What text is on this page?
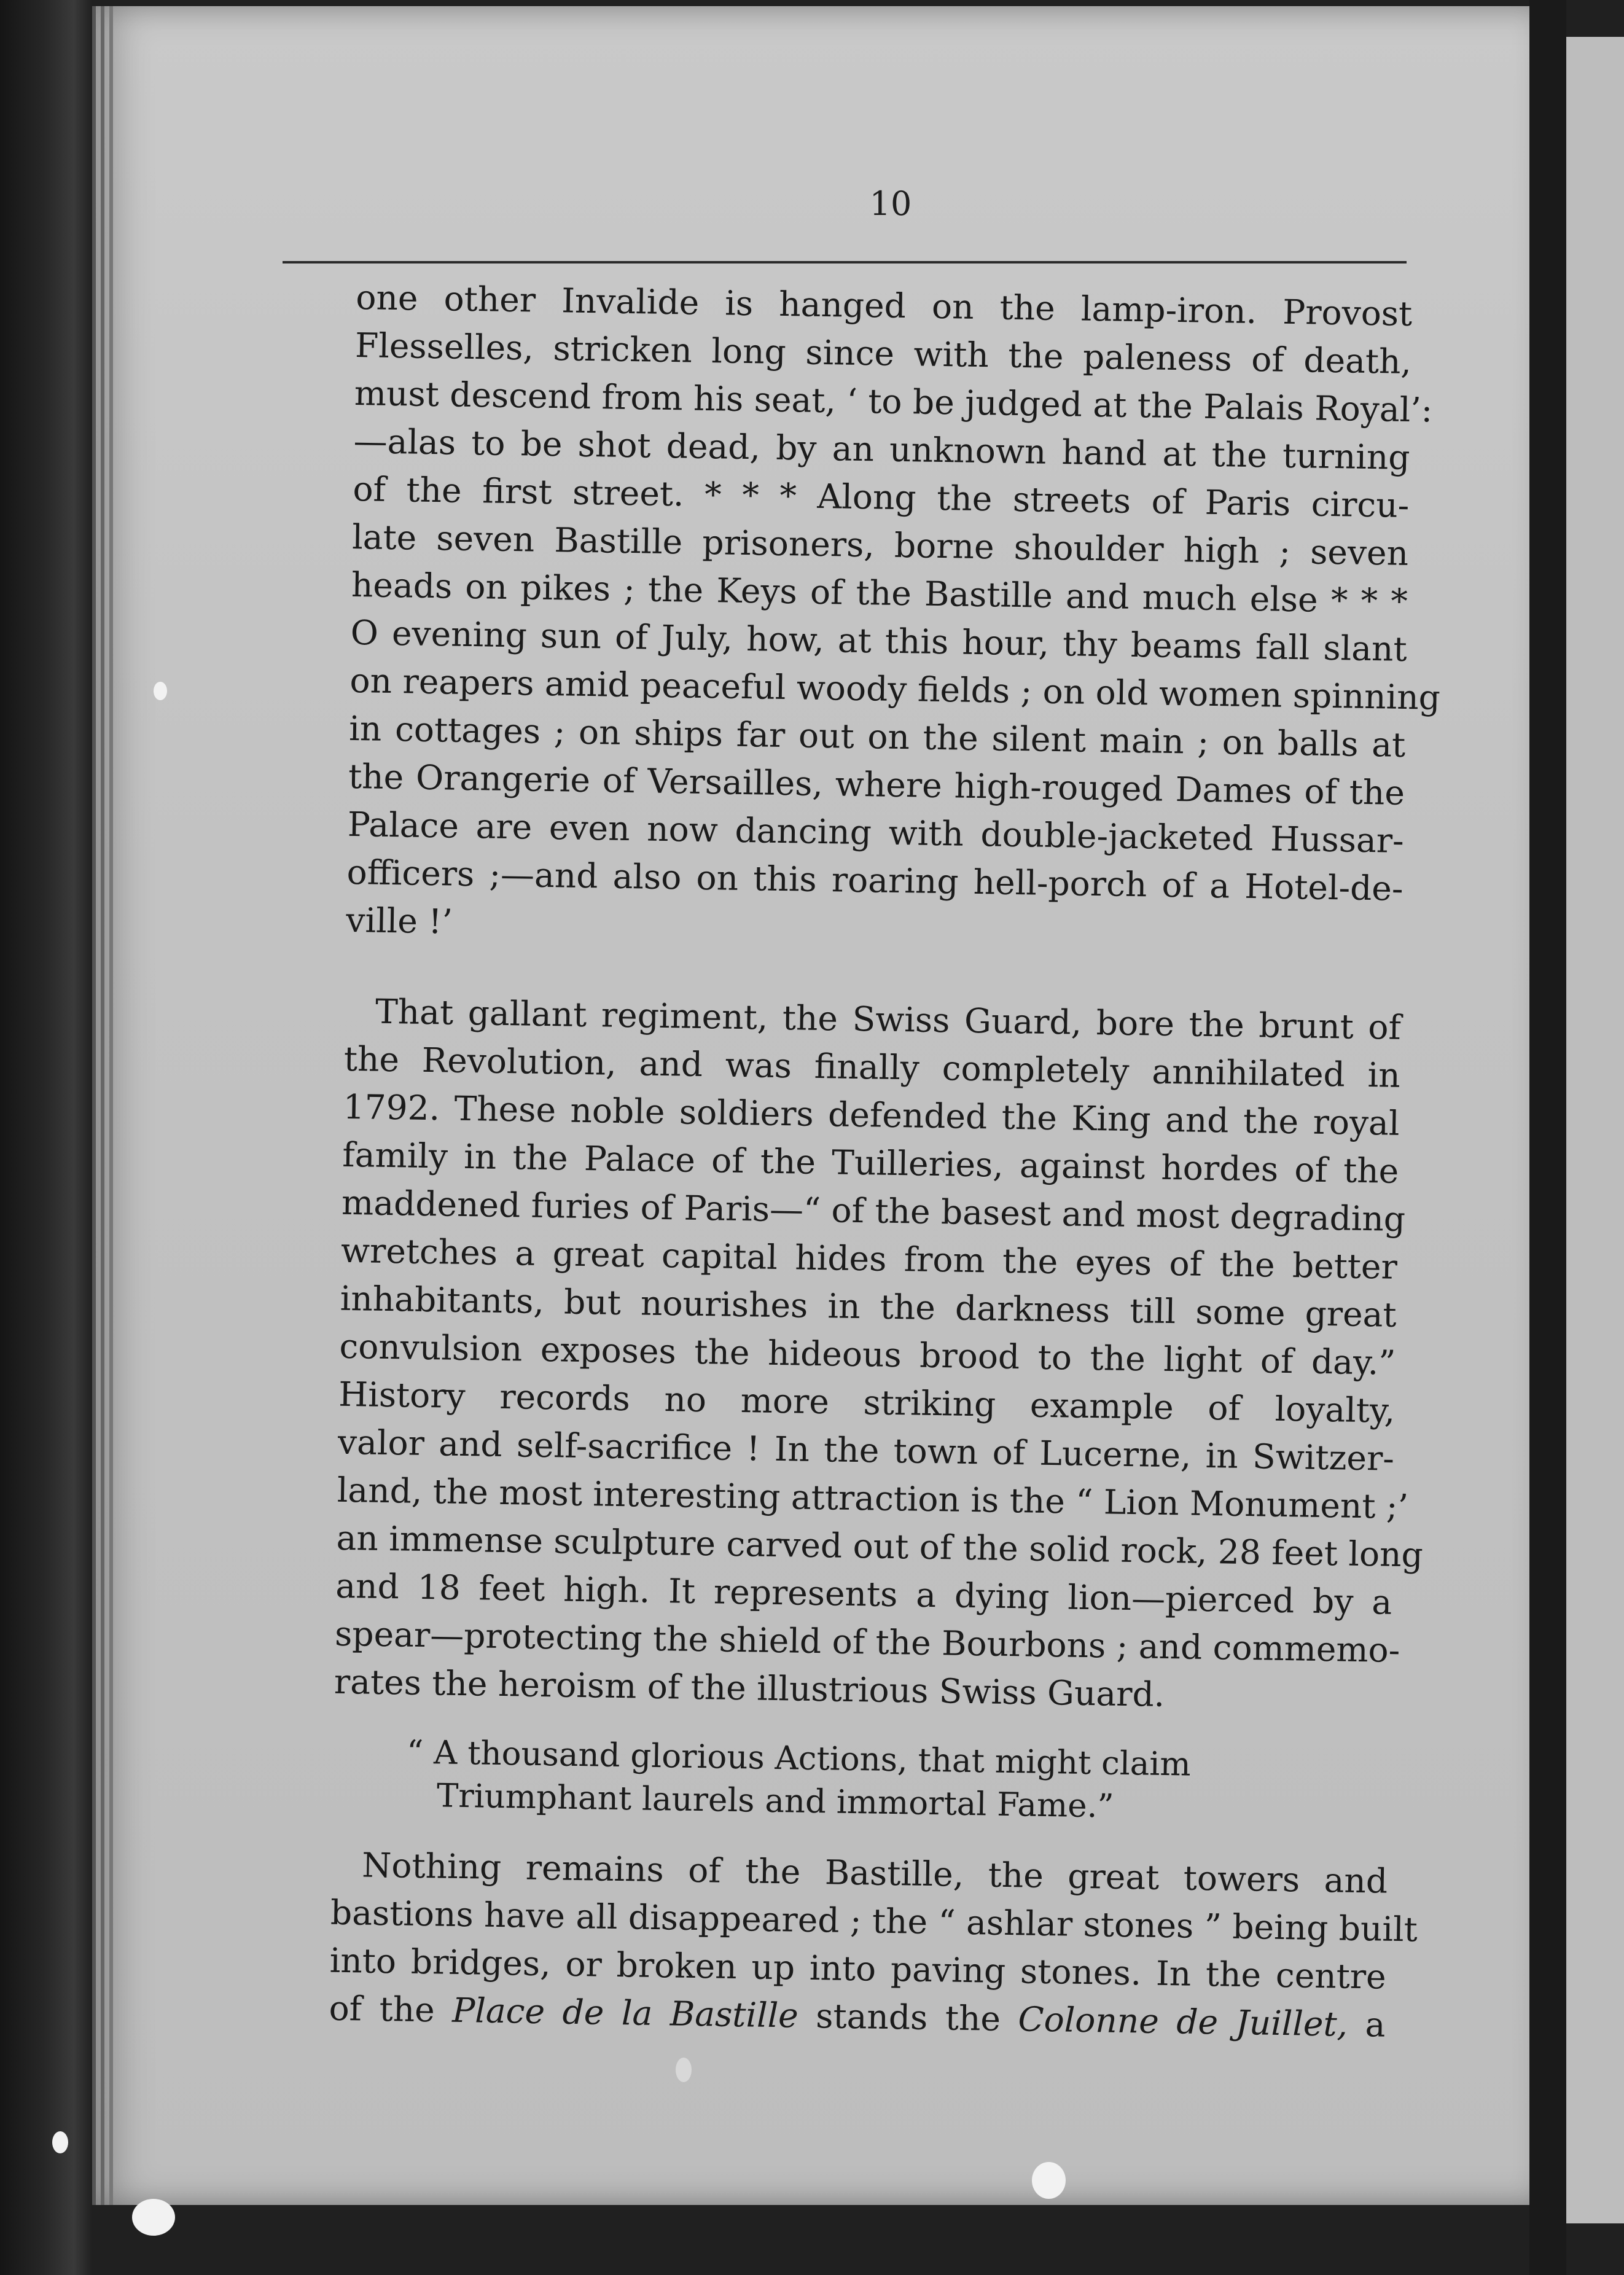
10
one other Invalide is hanged on the lamp-iron. Provost
Flesselles, stricken long since with the paleness of death,
must descend from his seat, ‘ to be judged at the Palais Royal’:
—alas to be shot dead, by an unknown hand at the turning
of the first street. * * * Along the streets of Paris circu-
late seven Bastille prisoners, borne shoulder high ; seven
heads on pikes ; the Keys of the Bastille and much else * * *
O evening sun of July, how, at this hour, thy beams fall slant
on reapers amid peaceful woody fields ; on old women spinning
in cottages ; on ships far out on the silent main ; on balls at
the Orangerie of Versailles, where high-rouged Dames of the
Palace are even now dancing with double-jacketed Hussar-
officers ;—and also on this roaring hell-porch of a Hotel-de-
ville !’
That gallant regiment, the Swiss Guard, bore the brunt of
the Revolution, and was finally completely annihilated in
1792. These noble soldiers defended the King and the royal
family in the Palace of the Tuilleries, against hordes of the
maddened furies of Paris—“ of the basest and most degrading
wretches a great capital hides from the eyes of the better
inhabitants, but nourishes in the darkness till some great
convulsion exposes the hideous brood to the light of day.”
History records no more striking example of loyalty,
valor and self-sacrifice ! In the town of Lucerne, in Switzer-
land, the most interesting attraction is the “ Lion Monument ;’
an immense sculpture carved out of the solid rock, 28 feet long
and 18 feet high. It represents a dying lion—pierced by a
spear—protecting the shield of the Bourbons ; and commemo-
rates the heroism of the illustrious Swiss Guard.
“ A thousand glorious Actions, that might claim
Triumphant laurels and immortal Fame.”
Nothing remains of the Bastille, the great towers and
bastions have all disappeared ; the “ ashlar stones ” being built
into bridges, or broken up into paving stones. In the centre
of the Place de la Bastille stands the Colonne de Juillet, a
